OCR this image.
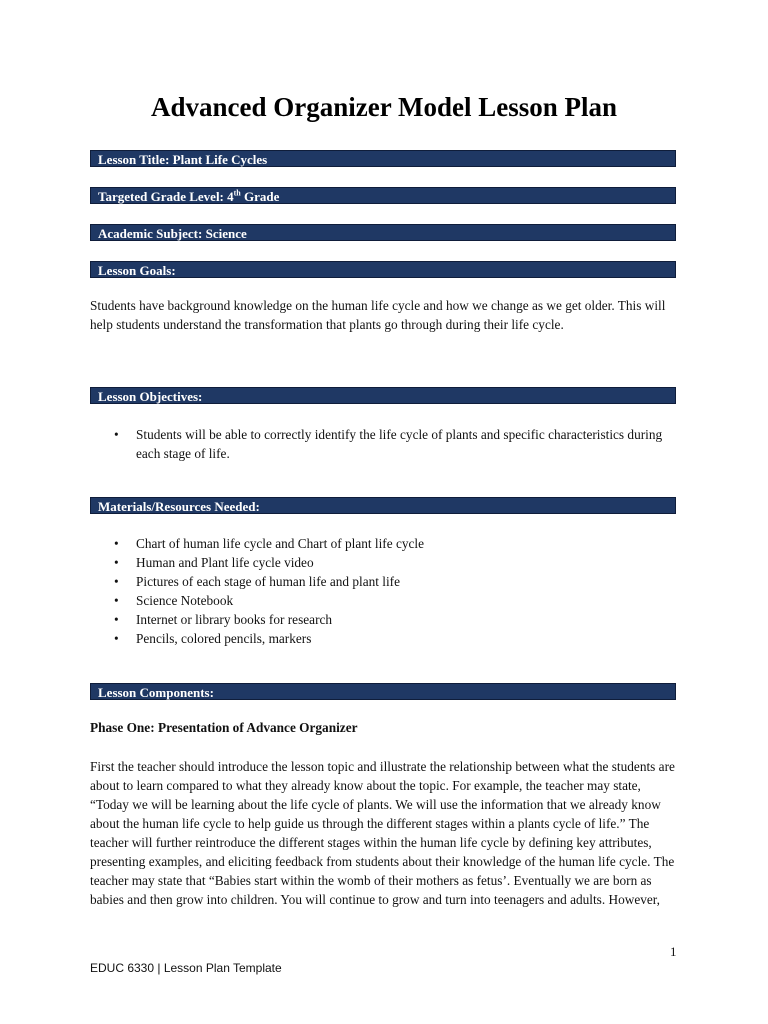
Advanced Organizer Model Lesson Plan
Lesson Title: Plant Life Cycles
Targeted Grade Level: 4th Grade
Academic Subject: Science
Lesson Goals:
Students have background knowledge on the human life cycle and how we change as we get older. This will help students understand the transformation that plants go through during their life cycle.
Lesson Objectives:
• Students will be able to correctly identify the life cycle of plants and specific characteristics during each stage of life.
Materials/Resources Needed:
• Chart of human life cycle and Chart of plant life cycle
• Human and Plant life cycle video
• Pictures of each stage of human life and plant life
• Science Notebook
• Internet or library books for research
• Pencils, colored pencils, markers
Lesson Components:
Phase One: Presentation of Advance Organizer
First the teacher should introduce the lesson topic and illustrate the relationship between what the students are about to learn compared to what they already know about the topic. For example, the teacher may state, “Today we will be learning about the life cycle of plants. We will use the information that we already know about the human life cycle to help guide us through the different stages within a plants cycle of life.” The teacher will further reintroduce the different stages within the human life cycle by defining key attributes, presenting examples, and eliciting feedback from students about their knowledge of the human life cycle. The teacher may state that “Babies start within the womb of their mothers as fetus’. Eventually we are born as babies and then grow into children. You will continue to grow and turn into teenagers and adults. However,
1
EDUC 6330 | Lesson Plan Template
